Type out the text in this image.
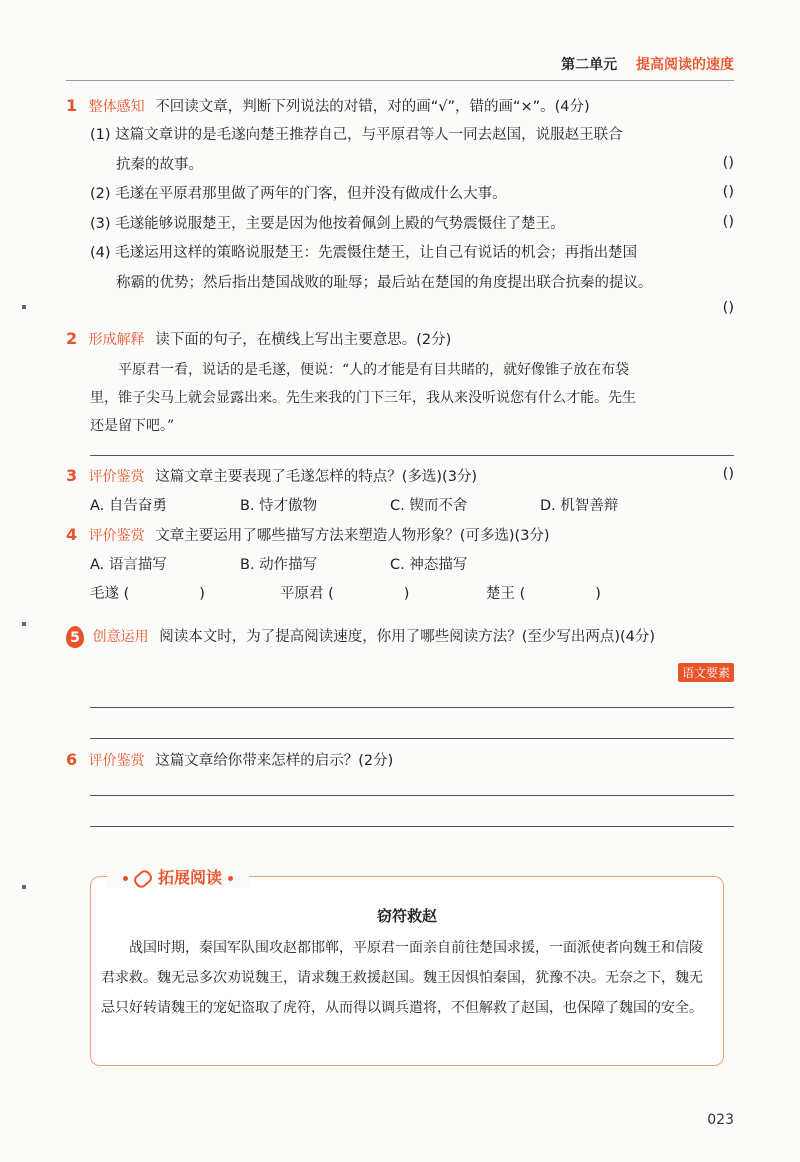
第二单元 提高阅读的速度
1 整体感知 不回读文章，判断下列说法的对错，对的画“√”，错的画“×”。(4分)
(1) 这篇文章讲的是毛遂向楚王推荐自己，与平原君等人一同去赵国，说服赵王联合
抗秦的故事。	()
(2) 毛遂在平原君那里做了两年的门客，但并没有做成什么大事。	()
(3) 毛遂能够说服楚王，主要是因为他按着佩剑上殿的气势震慑住了楚王。	()
(4) 毛遂运用这样的策略说服楚王：先震慑住楚王，让自己有说话的机会；再指出楚国
称霸的优势；然后指出楚国战败的耻辱；最后站在楚国的角度提出联合抗秦的提议。
()
2 形成解释 读下面的句子，在横线上写出主要意思。(2分)
平原君一看，说话的是毛遂，便说：“人的才能是有目共睹的，就好像锥子放在布袋
里，锥子尖马上就会显露出来。先生来我的门下三年，我从来没听说您有什么才能。先生
还是留下吧。”
3 评价鉴赏 这篇文章主要表现了毛遂怎样的特点？(多选)(3分)	()
A. 自告奋勇	B. 恃才傲物	C. 锲而不舍	D. 机智善辩
4 评价鉴赏 文章主要运用了哪些描写方法来塑造人物形象？(可多选)(3分)
A. 语言描写	B. 动作描写	C. 神态描写
毛遂 (	)	平原君 (	)	楚王 (	)
5 创意运用 阅读本文时，为了提高阅读速度，你用了哪些阅读方法？(至少写出两点)(4分)
语文要素
6 评价鉴赏 这篇文章给你带来怎样的启示？(2分)
拓展阅读
窃符救赵
战国时期，秦国军队围攻赵都邯郸，平原君一面亲自前往楚国求援，一面派使者向魏王和信陵君求救。魏无忌多次劝说魏王，请求魏王救援赵国。魏王因惧怕秦国，犹豫不决。无奈之下，魏无忌只好转请魏王的宠妃盗取了虎符，从而得以调兵遣将，不但解救了赵国，也保障了魏国的安全。
023
